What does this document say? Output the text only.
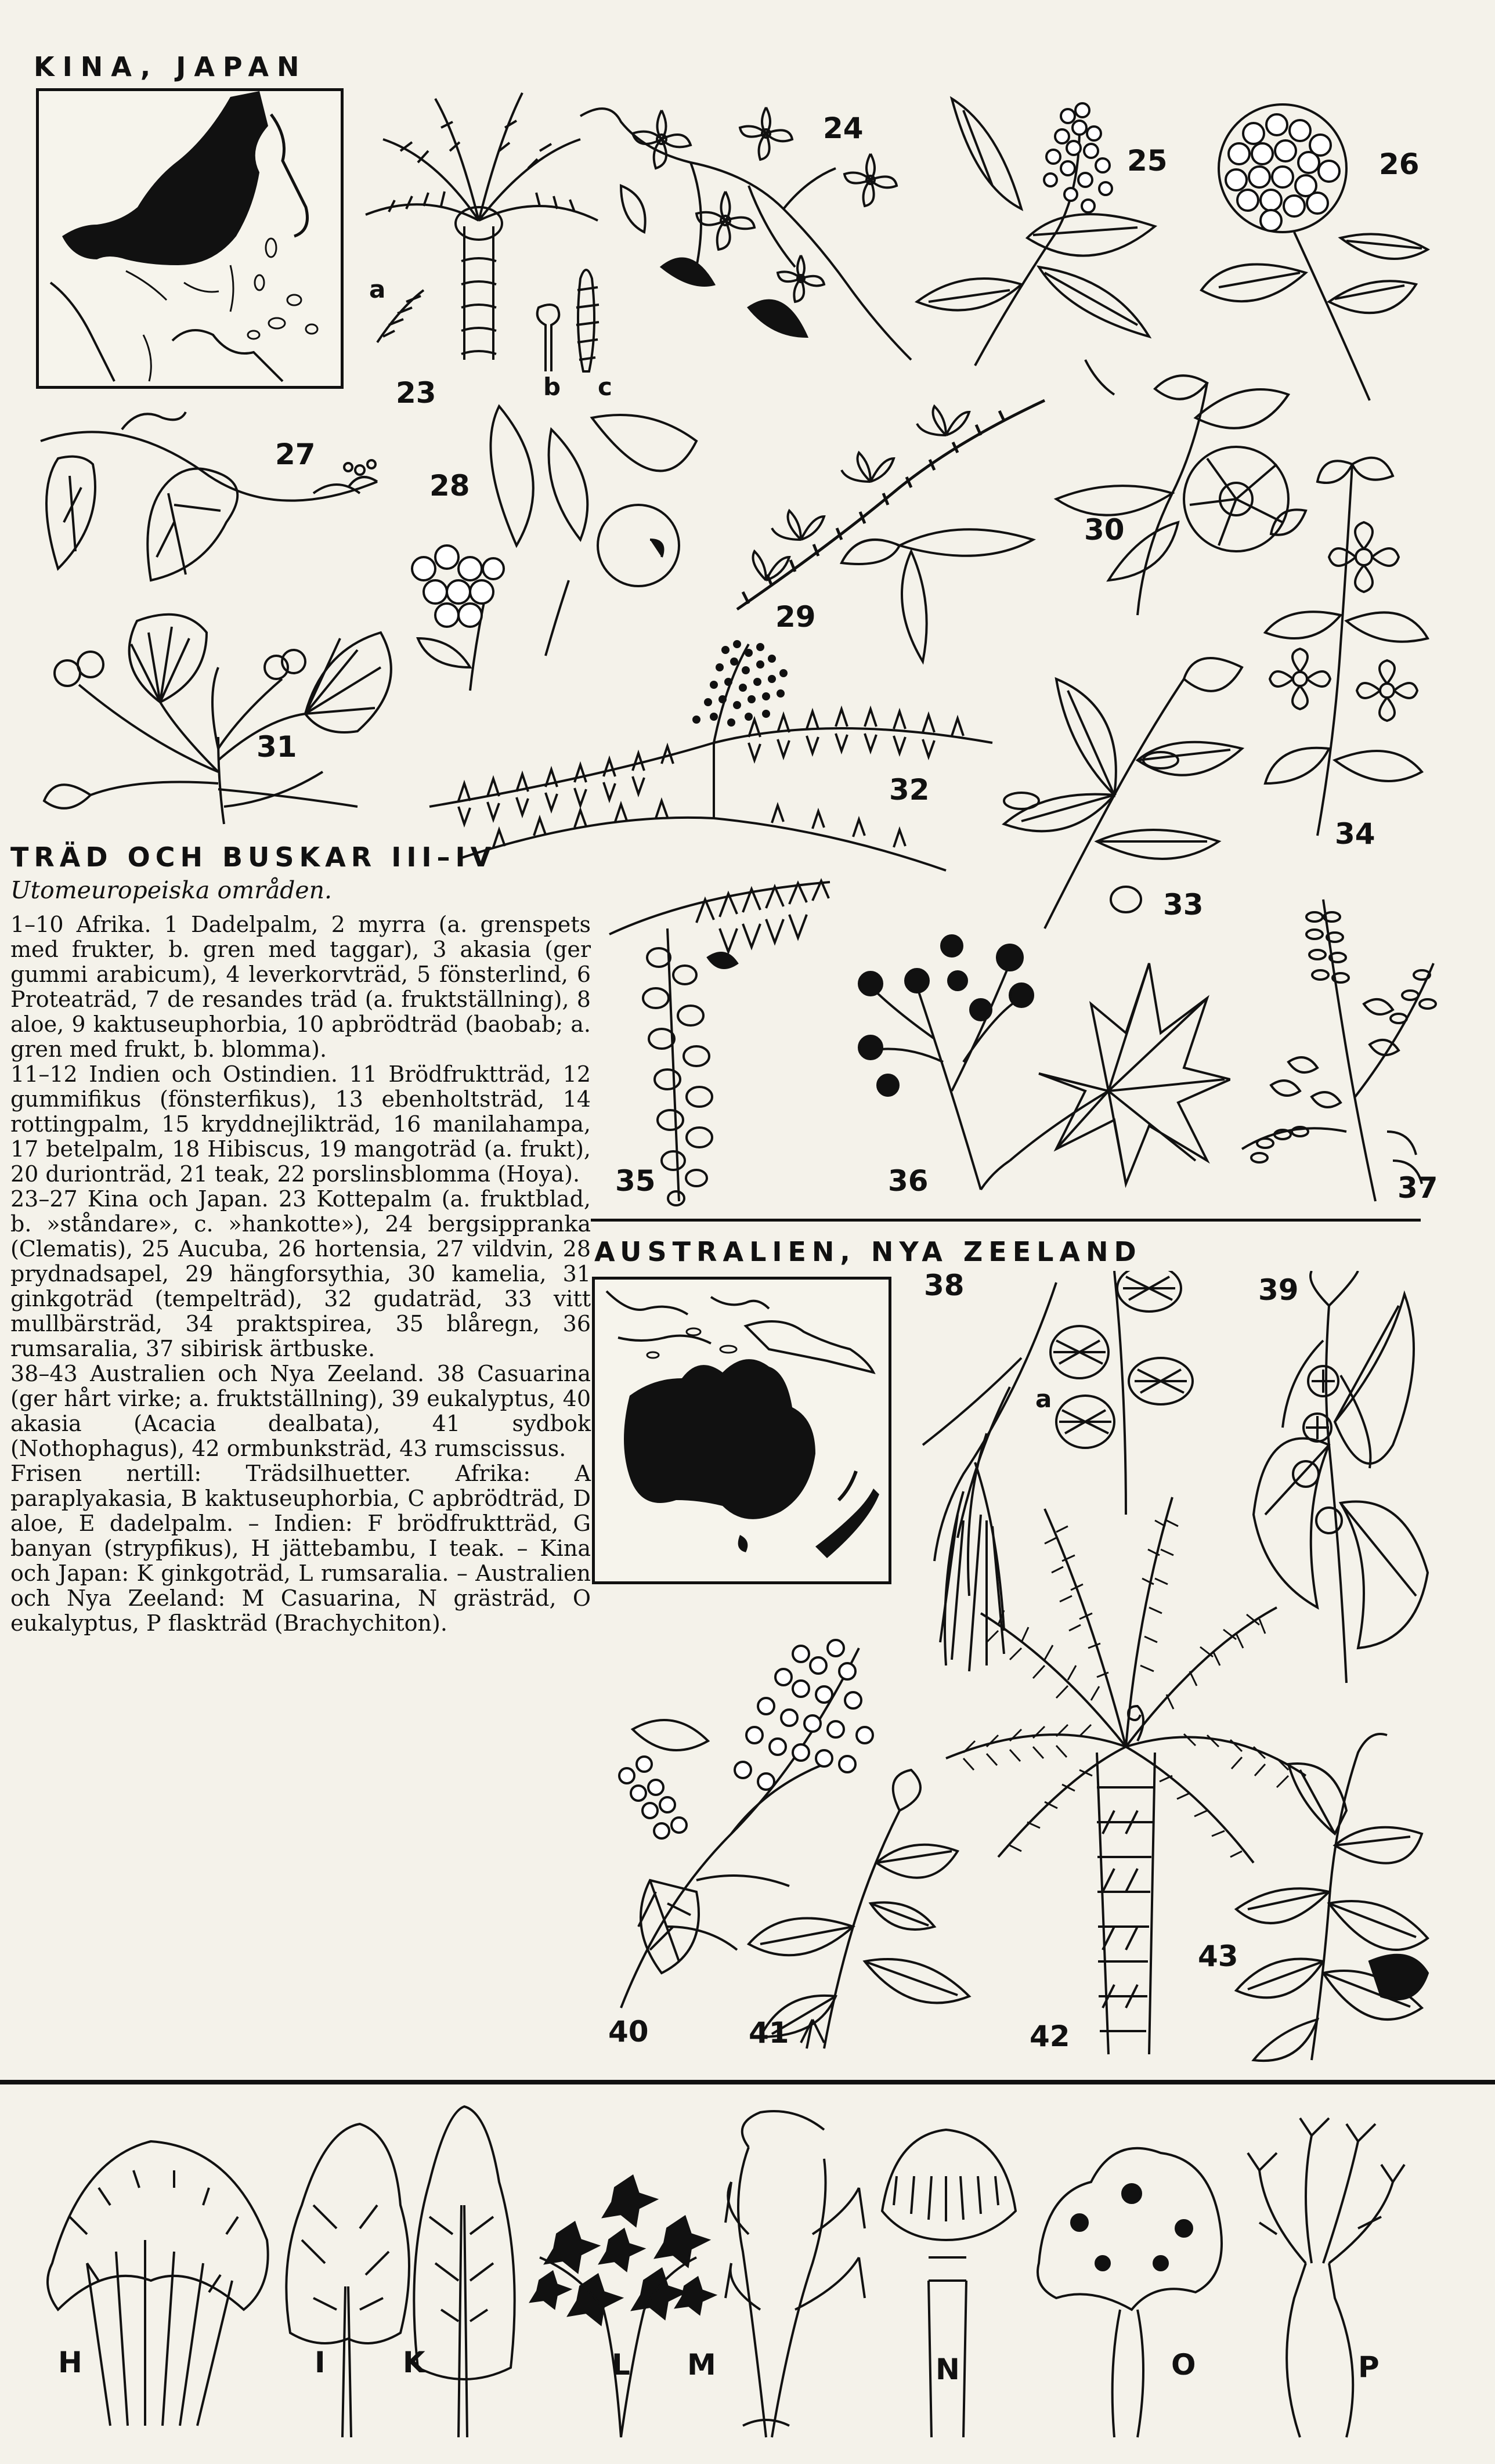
KINA, JAPAN
23
a
b c
24
25	26
27
28
29
30
31
32
33
34
35	36	37
TRÄD OCH BUSKAR III–IV
Utomeuropeiska områden.

1–10 Afrika. 1 Dadelpalm, 2 myrra (a. grenspets med frukter, b. gren med taggar), 3 akasia (ger gummi arabicum), 4 leverkorvträd, 5 fönsterlind, 6 Proteaträd, 7 de resandes träd (a. fruktställning), 8 aloe, 9 kaktuseuphorbia, 10 apbrödträd (baobab; a. gren med frukt, b. blomma).

11–12 Indien och Ostindien. 11 Brödfruktträd, 12 gummifikus (fönsterfikus), 13 ebenholtsträd, 14 rottingpalm, 15 kryddnejlikträd, 16 manilahampa, 17 betelpalm, 18 Hibiscus, 19 mangoträd (a. frukt), 20 durionträd, 21 teak, 22 porslinsblomma (Hoya).

23–27 Kina och Japan. 23 Kottepalm (a. fruktblad, b. »ståndare», c. »hankotte»), 24 bergsippranka (Clematis), 25 Aucuba, 26 hortensia, 27 vildvin, 28 prydnadsapel, 29 hängforsythia, 30 kamelia, 31 ginkgoträd (tempelträd), 32 gudaträd, 33 vitt mullbärsträd, 34 praktspirea, 35 blåregn, 36 rumsaralia, 37 sibirisk ärtbuske.

38–43 Australien och Nya Zeeland. 38 Casuarina (ger hårt virke; a. fruktställning), 39 eukalyptus, 40 akasia (Acacia dealbata), 41 sydbok (Nothophagus), 42 ormbunksträd, 43 rumscissus.

Frisen nertill: Trädsilhuetter. Afrika: A paraplyakasia, B kaktuseuphorbia, C apbrödträd, D aloe, E dadelpalm. – Indien: F brödfruktträd, G banyan (strypfikus), H jättebambu, I teak. – Kina och Japan: K ginkgoträd, L rumsaralia. – Australien och Nya Zeeland: M Casuarina, N grästräd, O eukalyptus, P flaskträd (Brachychiton).

AUSTRALIEN, NYA ZEELAND
38
a
39
40	41	42
43
H	I	K	L M	N	O	P
